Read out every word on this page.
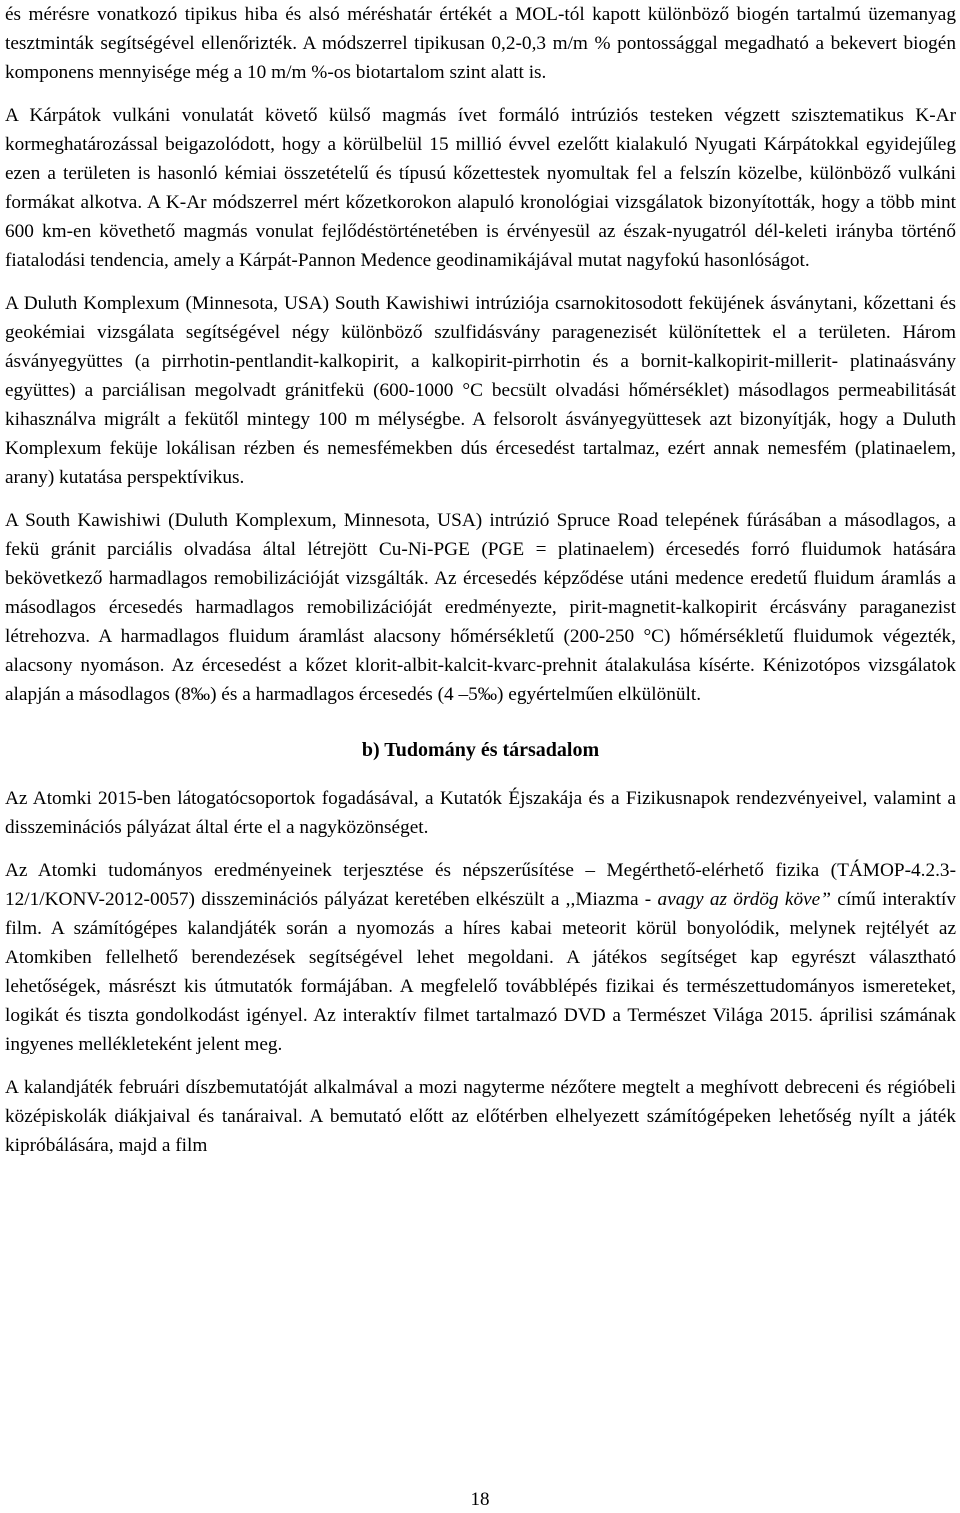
és mérésre vonatkozó tipikus hiba és alsó méréshatár értékét a MOL-tól kapott különböző biogén tartalmú üzemanyag tesztminták segítségével ellenőrizték. A módszerrel tipikusan 0,2-0,3 m/m % pontossággal megadható a bekevert biogén komponens mennyisége még a 10 m/m %-os biotartalom szint alatt is.

A Kárpátok vulkáni vonulatát követő külső magmás ívet formáló intrúziós testeken végzett szisztematikus K-Ar kormeghatározással beigazolódott, hogy a körülbelül 15 millió évvel ezelőtt kialakuló Nyugati Kárpátokkal egyidejűleg ezen a területen is hasonló kémiai összetételű és típusú kőzettestek nyomultak fel a felszín közelbe, különböző vulkáni formákat alkotva. A K-Ar módszerrel mért kőzetkorokon alapuló kronológiai vizsgálatok bizonyították, hogy a több mint 600 km-en követhető magmás vonulat fejlődéstörténetében is érvényesül az észak-nyugatról dél-keleti irányba történő fiatalodási tendencia, amely a Kárpát-Pannon Medence geodinamikájával mutat nagyfokú hasonlóságot.

A Duluth Komplexum (Minnesota, USA) South Kawishiwi intrúziója csarnokitosodott feküjének ásványtani, kőzettani és geokémiai vizsgálata segítségével négy különböző szulfidásvány paragenezisét különítettek el a területen. Három ásványegyüttes (a pirrhotin-pentlandit-kalkopirit, a kalkopirit-pirrhotin és a bornit-kalkopirit-millerit- platinaásvány együttes) a parciálisan megolvadt gránitfekü (600-1000 °C becsült olvadási hőmérséklet) másodlagos permeabilitását kihasználva migrált a fekütől mintegy 100 m mélységbe. A felsorolt ásványegyüttesek azt bizonyítják, hogy a Duluth Komplexum feküje lokálisan rézben és nemesfémekben dús ércesedést tartalmaz, ezért annak nemesfém (platinaelem, arany) kutatása perspektívikus.

A South Kawishiwi (Duluth Komplexum, Minnesota, USA) intrúzió Spruce Road telepének fúrásában a másodlagos, a fekü gránit parciális olvadása által létrejött Cu-Ni-PGE (PGE = platinaelem) ércesedés forró fluidumok hatására bekövetkező harmadlagos remobilizációját vizsgálták. Az ércesedés képződése utáni medence eredetű fluidum áramlás a másodlagos ércesedés harmadlagos remobilizációját eredményezte, pirit-magnetit-kalkopirit ércásvány paraganezist létrehozva. A harmadlagos fluidum áramlást alacsony hőmérsékletű (200-250 °C) hőmérsékletű fluidumok végezték, alacsony nyomáson. Az ércesedést a kőzet klorit-albit-kalcit-kvarc-prehnit átalakulása kísérte. Kénizotópos vizsgálatok alapján a másodlagos (8‰) és a harmadlagos ércesedés (4 –5‰) egyértelműen elkülönült.

b) Tudomány és társadalom

Az Atomki 2015-ben látogatócsoportok fogadásával, a Kutatók Éjszakája és a Fizikusnapok rendezvényeivel, valamint a disszeminációs pályázat által érte el a nagyközönséget.

Az Atomki tudományos eredményeinek terjesztése és népszerűsítése – Megérthető-elérhető fizika (TÁMOP-4.2.3-12/1/KONV-2012-0057) disszeminációs pályázat keretében elkészült a ,,Miazma - avagy az ördög köve” című interaktív film. A számítógépes kalandjáték során a nyomozás a híres kabai meteorit körül bonyolódik, melynek rejtélyét az Atomkiben fellelhető berendezések segítségével lehet megoldani. A játékos segítséget kap egyrészt választható lehetőségek, másrészt kis útmutatók formájában. A megfelelő továbblépés fizikai és természettudományos ismereteket, logikát és tiszta gondolkodást igényel. Az interaktív filmet tartalmazó DVD a Természet Világa 2015. áprilisi számának ingyenes mellékleteként jelent meg.

A kalandjáték februári díszbemutatóját alkalmával a mozi nagyterme nézőtere megtelt a meghívott debreceni és régióbeli középiskolák diákjaival és tanáraival. A bemutató előtt az előtérben elhelyezett számítógépeken lehetőség nyílt a játék kipróbálására, majd a film

18
